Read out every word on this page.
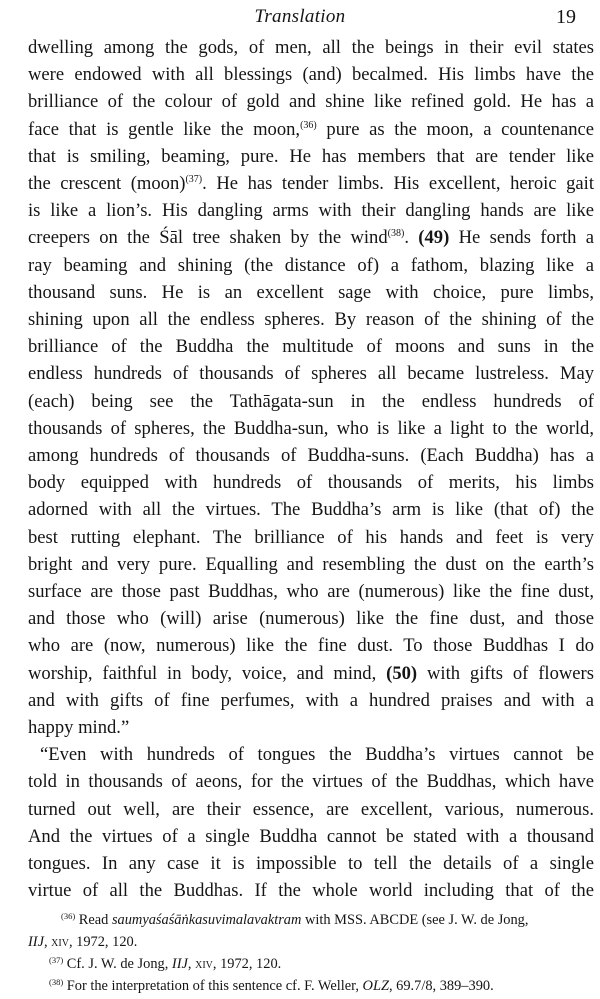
Translation	19
dwelling among the gods, of men, all the beings in their evil states
were endowed with all blessings (and) becalmed. His limbs have the
brilliance of the colour of gold and shine like refined gold. He has a
face that is gentle like the moon,$^{(36)}$ pure as the moon, a countenance
that is smiling, beaming, pure. He has members that are tender like
the crescent (moon)$^{(37)}$. He has tender limbs. His excellent, heroic gait
is like a lion’s. His dangling arms with their dangling hands are like
creepers on the Śāl tree shaken by the wind$^{(38)}$. (49) He sends forth a
ray beaming and shining (the distance of) a fathom, blazing like a
thousand suns. He is an excellent sage with choice, pure limbs,
shining upon all the endless spheres. By reason of the shining of the
brilliance of the Buddha the multitude of moons and suns in the
endless hundreds of thousands of spheres all became lustreless. May
(each) being see the Tathāgata-sun in the endless hundreds of
thousands of spheres, the Buddha-sun, who is like a light to the world,
among hundreds of thousands of Buddha-suns. (Each Buddha) has a
body equipped with hundreds of thousands of merits, his limbs
adorned with all the virtues. The Buddha’s arm is like (that of) the
best rutting elephant. The brilliance of his hands and feet is very
bright and very pure. Equalling and resembling the dust on the earth’s
surface are those past Buddhas, who are (numerous) like the fine dust,
and those who (will) arise (numerous) like the fine dust, and those
who are (now, numerous) like the fine dust. To those Buddhas I do
worship, faithful in body, voice, and mind, (50) with gifts of flowers
and with gifts of fine perfumes, with a hundred praises and with a
happy mind.”
“Even with hundreds of tongues the Buddha’s virtues cannot be
told in thousands of aeons, for the virtues of the Buddhas, which have
turned out well, are their essence, are excellent, various, numerous.
And the virtues of a single Buddha cannot be stated with a thousand
tongues. In any case it is impossible to tell the details of a single
virtue of all the Buddhas. If the whole world including that of the
$^{(36)}$ Read saumyaśaśāṅkasuvimalavaktram with MSS. ABCDE (see J. W. de Jong,
IIJ, xiv, 1972, 120.
$^{(37)}$ Cf. J. W. de Jong, IIJ, xiv, 1972, 120.
$^{(38)}$ For the interpretation of this sentence cf. F. Weller, OLZ, 69.7/8, 389–390.
